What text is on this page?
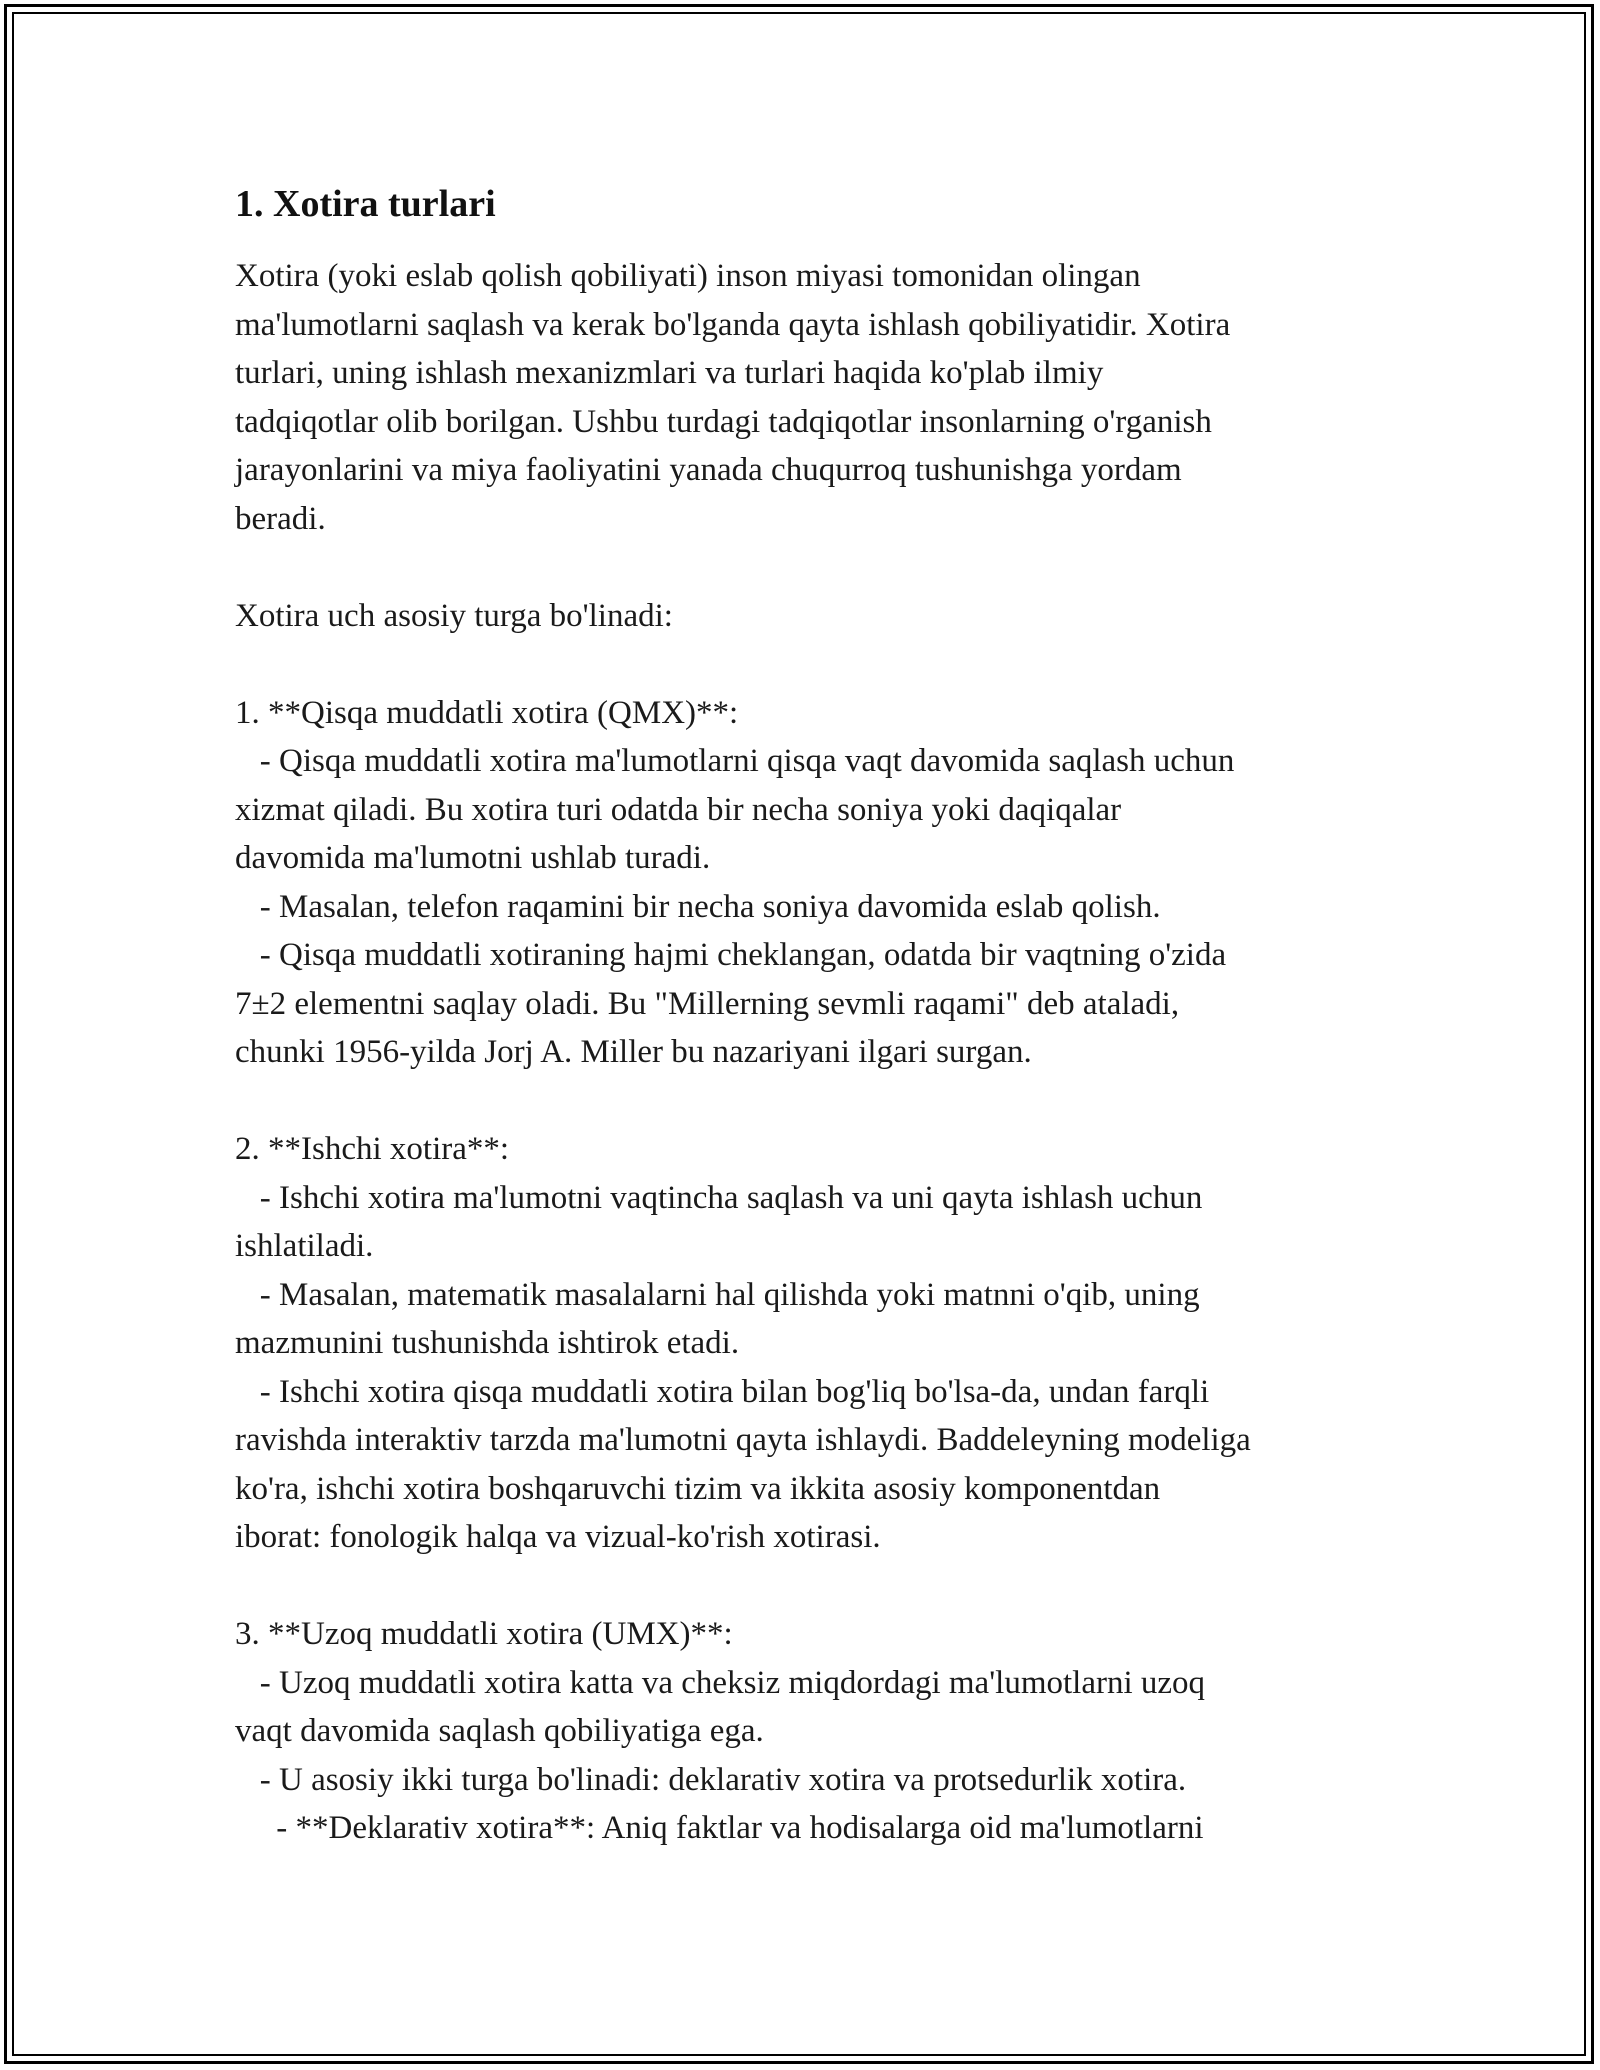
1. Xotira turlari

Xotira (yoki eslab qolish qobiliyati) inson miyasi tomonidan olingan

ma'lumotlarni saqlash va kerak bo'lganda qayta ishlash qobiliyatidir. Xotira

turlari, uning ishlash mexanizmlari va turlari haqida ko'plab ilmiy

tadqiqotlar olib borilgan. Ushbu turdagi tadqiqotlar insonlarning o'rganish

jarayonlarini va miya faoliyatini yanada chuqurroq tushunishga yordam

beradi.

Xotira uch asosiy turga bo'linadi:

1. **Qisqa muddatli xotira (QMX)**:

- Qisqa muddatli xotira ma'lumotlarni qisqa vaqt davomida saqlash uchun

xizmat qiladi. Bu xotira turi odatda bir necha soniya yoki daqiqalar

davomida ma'lumotni ushlab turadi.

- Masalan, telefon raqamini bir necha soniya davomida eslab qolish.

- Qisqa muddatli xotiraning hajmi cheklangan, odatda bir vaqtning o'zida

7±2 elementni saqlay oladi. Bu "Millerning sevmli raqami" deb ataladi,

chunki 1956-yilda Jorj A. Miller bu nazariyani ilgari surgan.

2. **Ishchi xotira**:

- Ishchi xotira ma'lumotni vaqtincha saqlash va uni qayta ishlash uchun

ishlatiladi.

- Masalan, matematik masalalarni hal qilishda yoki matnni o'qib, uning

mazmunini tushunishda ishtirok etadi.

- Ishchi xotira qisqa muddatli xotira bilan bog'liq bo'lsa-da, undan farqli

ravishda interaktiv tarzda ma'lumotni qayta ishlaydi. Baddeleyning modeliga

ko'ra, ishchi xotira boshqaruvchi tizim va ikkita asosiy komponentdan

iborat: fonologik halqa va vizual-ko'rish xotirasi.

3. **Uzoq muddatli xotira (UMX)**:

- Uzoq muddatli xotira katta va cheksiz miqdordagi ma'lumotlarni uzoq

vaqt davomida saqlash qobiliyatiga ega.

- U asosiy ikki turga bo'linadi: deklarativ xotira va protsedurlik xotira.

- **Deklarativ xotira**: Aniq faktlar va hodisalarga oid ma'lumotlarni
